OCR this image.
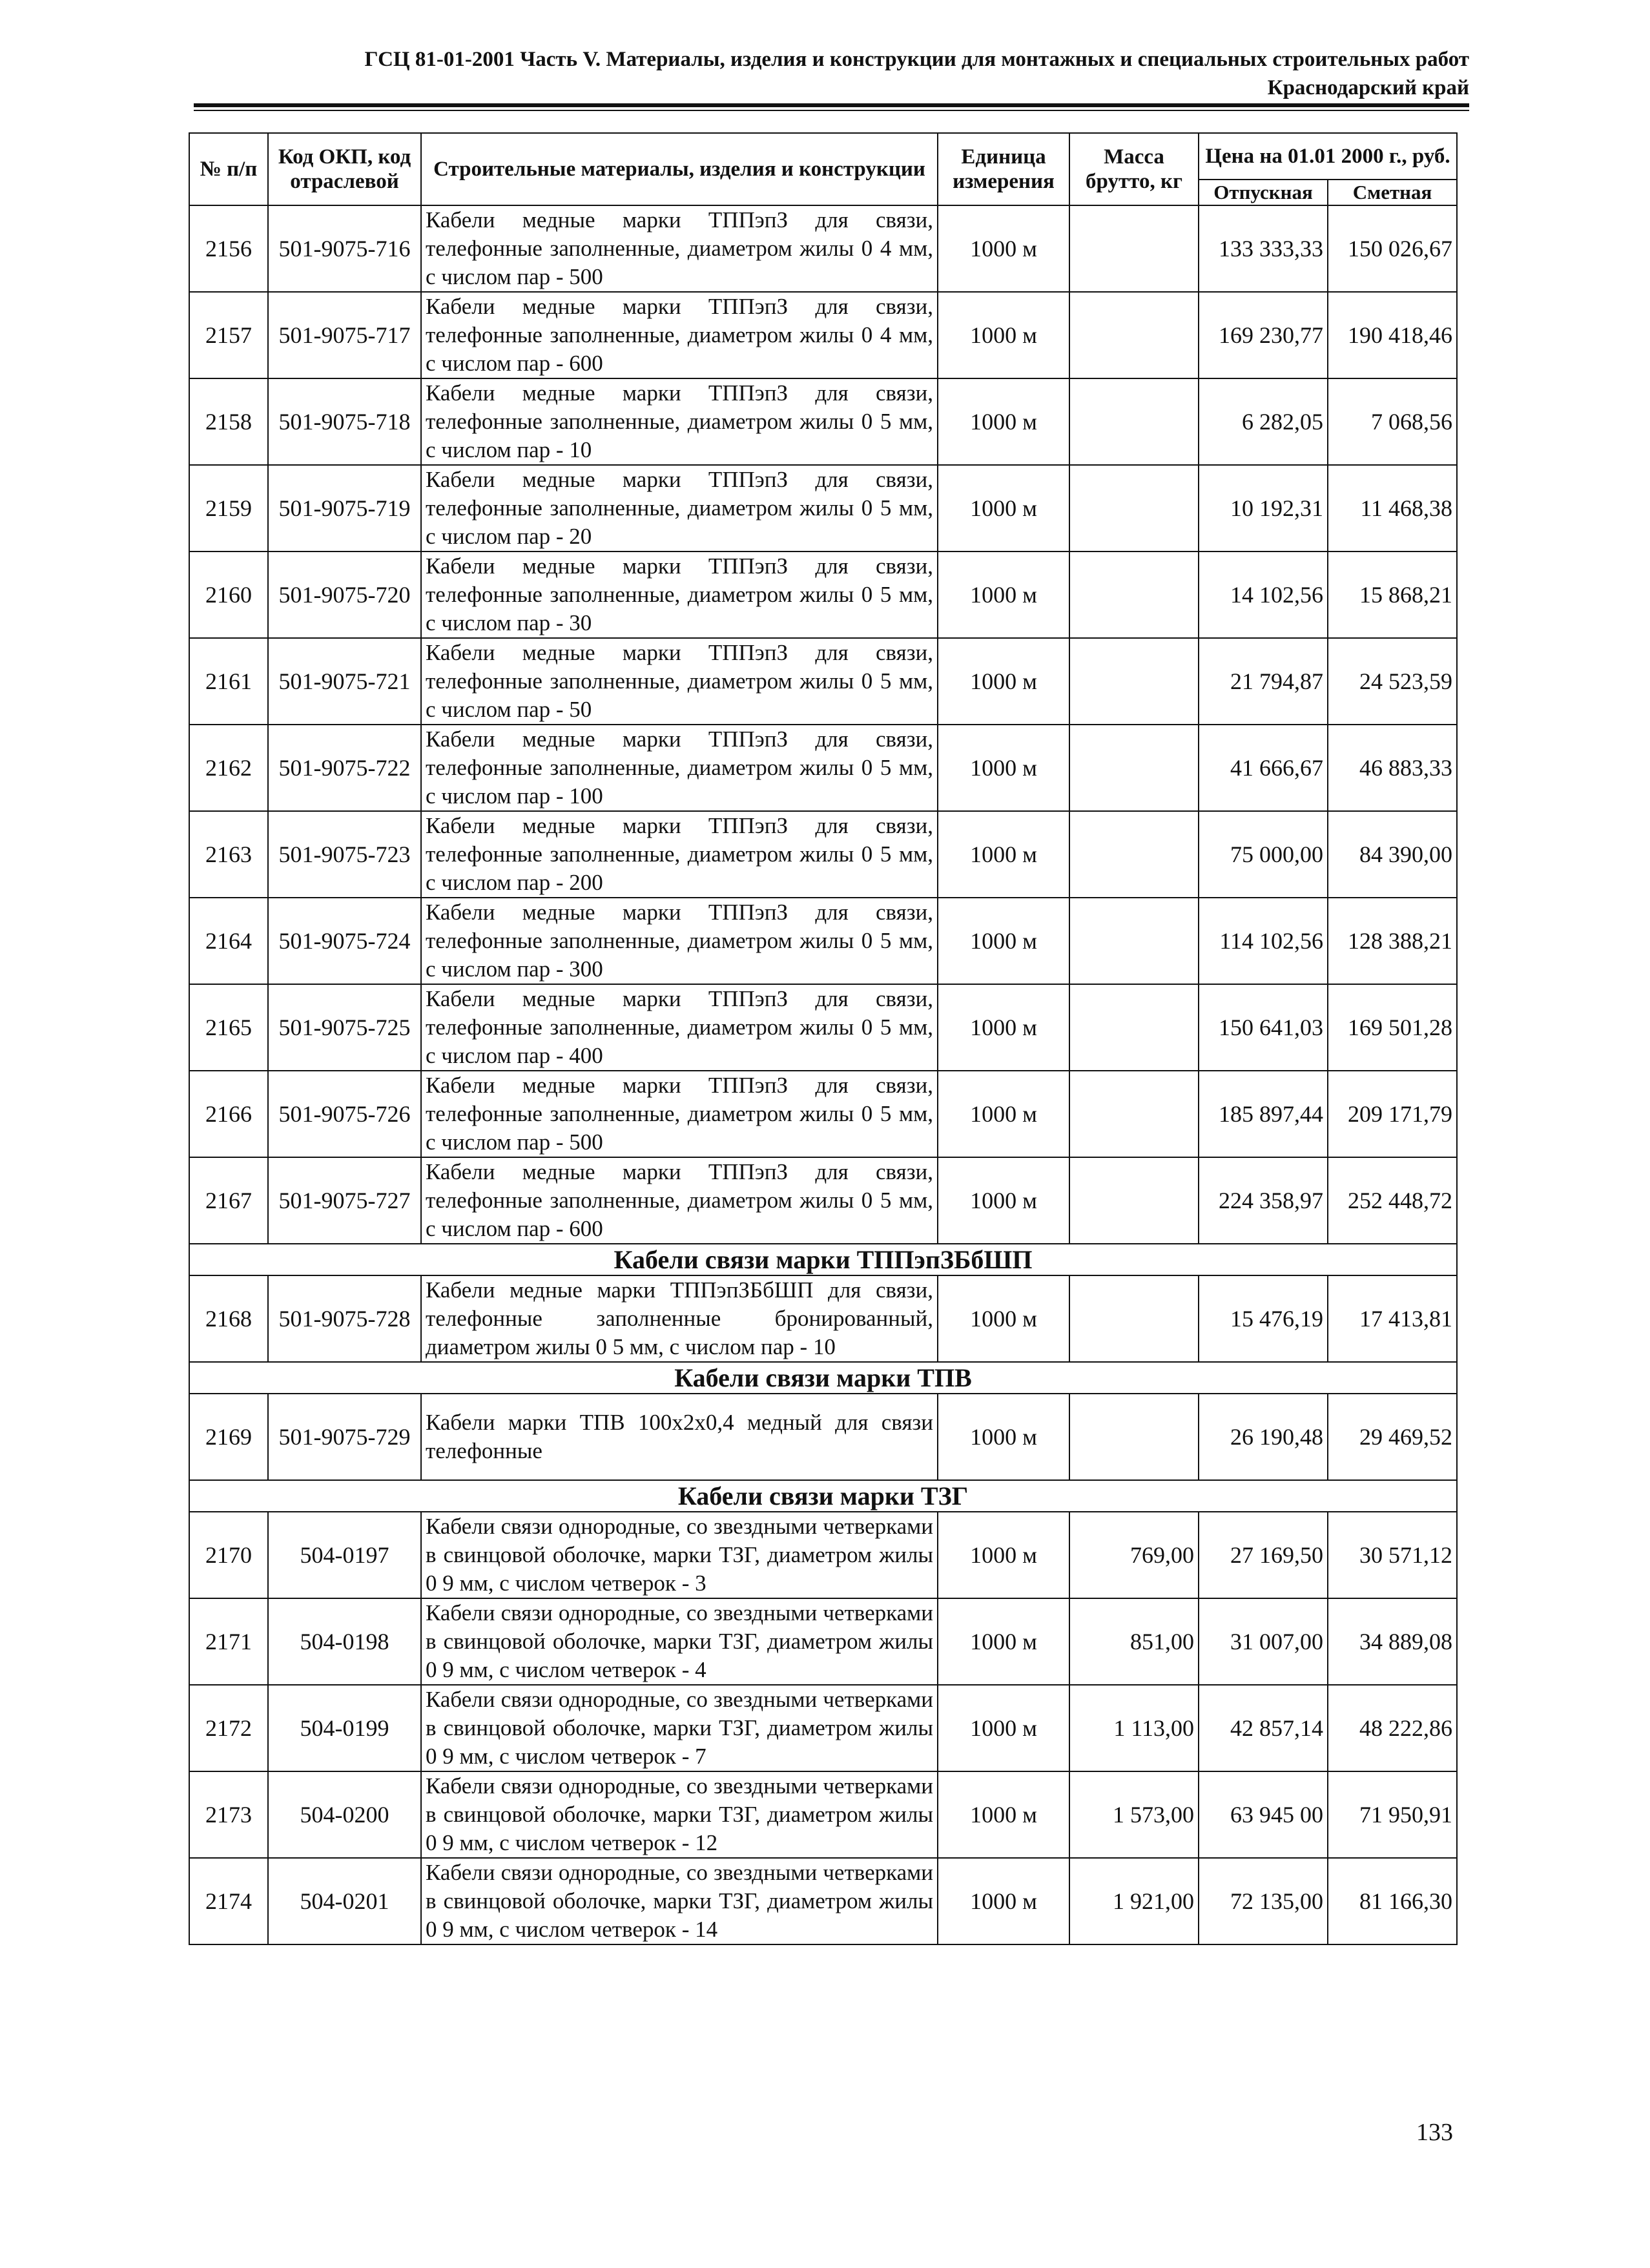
ГСЦ 81-01-2001 Часть V. Материалы, изделия и конструкции для монтажных и специальных строительных работ
Краснодарский край
№ п/п	Код ОКП, код отраслевой	Строительные материалы, изделия и конструкции	Единица измерения	Масса брутто, кг	Цена на 01.01 2000 г., руб.	
					Отпускная	Сметная
2156	501-9075-716	Кабели медные марки ТППэпЗ для связи, телефонные заполненные, диаметром жилы 0 4 мм, с числом пар - 500	1000 м		133 333,33	150 026,67
2157	501-9075-717	Кабели медные марки ТППэпЗ для связи, телефонные заполненные, диаметром жилы 0 4 мм, с числом пар - 600	1000 м		169 230,77	190 418,46
2158	501-9075-718	Кабели медные марки ТППэпЗ для связи, телефонные заполненные, диаметром жилы 0 5 мм, с числом пар - 10	1000 м		6 282,05	7 068,56
2159	501-9075-719	Кабели медные марки ТППэпЗ для связи, телефонные заполненные, диаметром жилы 0 5 мм, с числом пар - 20	1000 м		10 192,31	11 468,38
2160	501-9075-720	Кабели медные марки ТППэпЗ для связи, телефонные заполненные, диаметром жилы 0 5 мм, с числом пар - 30	1000 м		14 102,56	15 868,21
2161	501-9075-721	Кабели медные марки ТППэпЗ для связи, телефонные заполненные, диаметром жилы 0 5 мм, с числом пар - 50	1000 м		21 794,87	24 523,59
2162	501-9075-722	Кабели медные марки ТППэпЗ для связи, телефонные заполненные, диаметром жилы 0 5 мм, с числом пар - 100	1000 м		41 666,67	46 883,33
2163	501-9075-723	Кабели медные марки ТППэпЗ для связи, телефонные заполненные, диаметром жилы 0 5 мм, с числом пар - 200	1000 м		75 000,00	84 390,00
2164	501-9075-724	Кабели медные марки ТППэпЗ для связи, телефонные заполненные, диаметром жилы 0 5 мм, с числом пар - 300	1000 м		114 102,56	128 388,21
2165	501-9075-725	Кабели медные марки ТППэпЗ для связи, телефонные заполненные, диаметром жилы 0 5 мм, с числом пар - 400	1000 м		150 641,03	169 501,28
2166	501-9075-726	Кабели медные марки ТППэпЗ для связи, телефонные заполненные, диаметром жилы 0 5 мм, с числом пар - 500	1000 м		185 897,44	209 171,79
2167	501-9075-727	Кабели медные марки ТППэпЗ для связи, телефонные заполненные, диаметром жилы 0 5 мм, с числом пар - 600	1000 м		224 358,97	252 448,72
Кабели связи марки ТППэпЗБбШП						
2168	501-9075-728	Кабели медные марки ТППэпЗБбШП для связи, телефонные заполненные бронированный, диаметром жилы 0 5 мм, с числом пар - 10	1000 м		15 476,19	17 413,81
Кабели связи марки ТПВ						
2169	501-9075-729	Кабели марки ТПВ 100х2х0,4 медный для связи телефонные	1000 м		26 190,48	29 469,52
Кабели связи марки ТЗГ						
2170	504-0197	Кабели связи однородные, со звездными четверками в свинцовой оболочке, марки ТЗГ, диаметром жилы 0 9 мм, с числом четверок - 3	1000 м	769,00	27 169,50	30 571,12
2171	504-0198	Кабели связи однородные, со звездными четверками в свинцовой оболочке, марки ТЗГ, диаметром жилы 0 9 мм, с числом четверок - 4	1000 м	851,00	31 007,00	34 889,08
2172	504-0199	Кабели связи однородные, со звездными четверками в свинцовой оболочке, марки ТЗГ, диаметром жилы 0 9 мм, с числом четверок - 7	1000 м	1 113,00	42 857,14	48 222,86
2173	504-0200	Кабели связи однородные, со звездными четверками в свинцовой оболочке, марки ТЗГ, диаметром жилы 0 9 мм, с числом четверок - 12	1000 м	1 573,00	63 945 00	71 950,91
2174	504-0201	Кабели связи однородные, со звездными четверками в свинцовой оболочке, марки ТЗГ, диаметром жилы 0 9 мм, с числом четверок - 14	1000 м	1 921,00	72 135,00	81 166,30
133
